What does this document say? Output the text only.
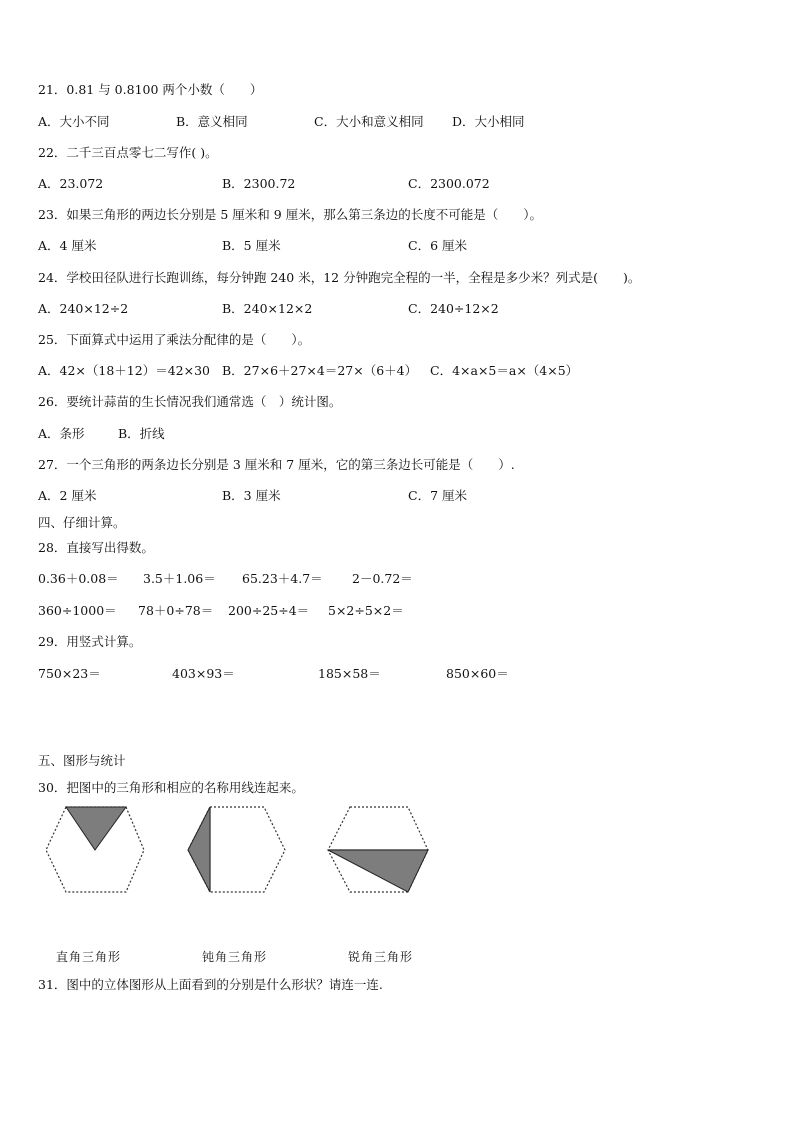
21．0.81 与 0.8100 两个小数（　　）
A．大小不同	B．意义相同	C．大小和意义相同 D．大小相同
22．二千三百点零七二写作( )。
A．23.072	B．2300.72	C．2300.072
23．如果三角形的两边长分别是 5 厘米和 9 厘米，那么第三条边的长度不可能是（　　）。
A．4 厘米	B．5 厘米	C．6 厘米
24．学校田径队进行长跑训练，每分钟跑 240 米，12 分钟跑完全程的一半，全程是多少米？列式是(　　)。
A．240×12÷2	B．240×12×2	C．240÷12×2
25．下面算式中运用了乘法分配律的是（　　）。
A．42×（18＋12）＝42×30 B．27×6＋27×4＝27×（6＋4） C．4×a×5＝a×（4×5）
26．要统计蒜苗的生长情况我们通常选（　）统计图。
A．条形	B．折线
27．一个三角形的两条边长分别是 3 厘米和 7 厘米，它的第三条边长可能是（　　）.
A．2 厘米	B．3 厘米	C．7 厘米
四、仔细计算。
28．直接写出得数。
0.36＋0.08＝ 3.5＋1.06＝ 65.23＋4.7＝ 2－0.72＝
360÷1000＝ 78＋0÷78＝ 200÷25÷4＝ 5×2÷5×2＝
29．用竖式计算。
750×23＝	403×93＝	185×58＝	850×60＝
五、图形与统计
30．把图中的三角形和相应的名称用线连起来。
直角三角形	钝角三角形	锐角三角形
31．图中的立体图形从上面看到的分别是什么形状？请连一连.
